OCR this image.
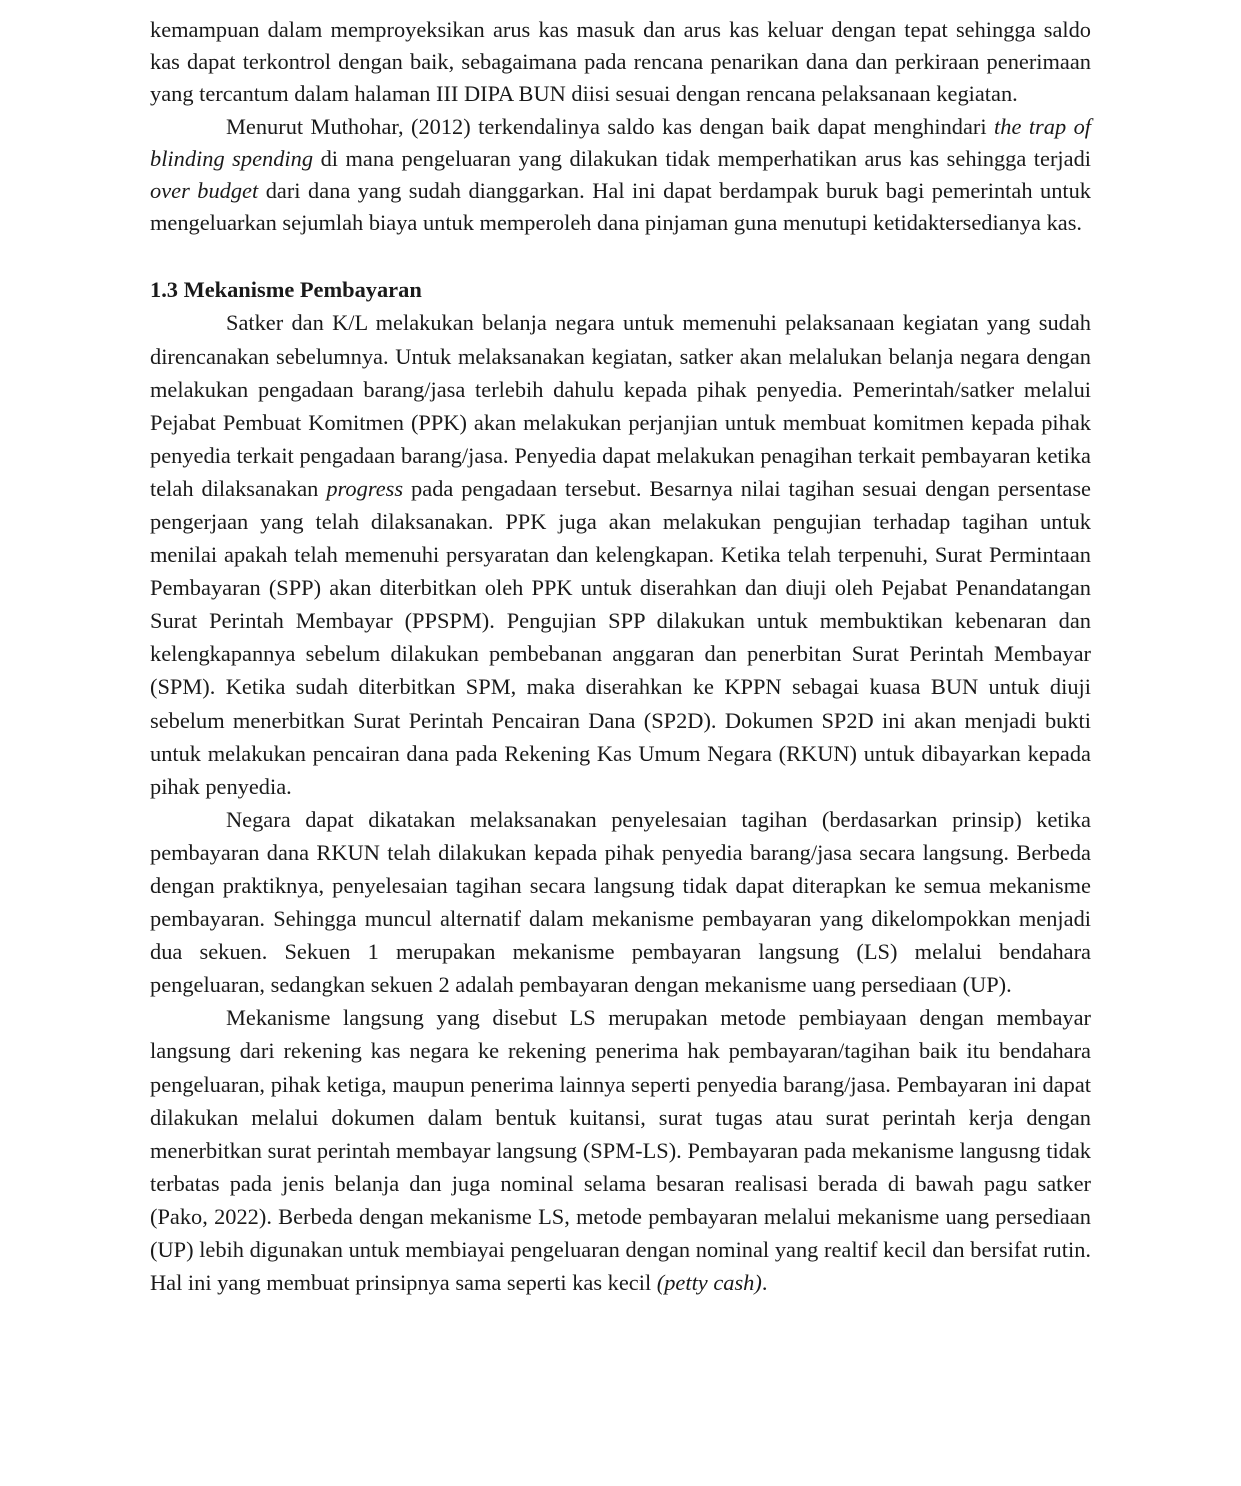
kemampuan dalam memproyeksikan arus kas masuk dan arus kas keluar dengan tepat sehingga saldo kas dapat terkontrol dengan baik, sebagaimana pada rencana penarikan dana dan perkiraan penerimaan yang tercantum dalam halaman III DIPA BUN diisi sesuai dengan rencana pelaksanaan kegiatan.

Menurut Muthohar, (2012) terkendalinya saldo kas dengan baik dapat menghindari the trap of blinding spending di mana pengeluaran yang dilakukan tidak memperhatikan arus kas sehingga terjadi over budget dari dana yang sudah dianggarkan. Hal ini dapat berdampak buruk bagi pemerintah untuk mengeluarkan sejumlah biaya untuk memperoleh dana pinjaman guna menutupi ketidaktersedianya kas.

1.3 Mekanisme Pembayaran

Satker dan K/L melakukan belanja negara untuk memenuhi pelaksanaan kegiatan yang sudah direncanakan sebelumnya. Untuk melaksanakan kegiatan, satker akan melalukan belanja negara dengan melakukan pengadaan barang/jasa terlebih dahulu kepada pihak penyedia. Pemerintah/satker melalui Pejabat Pembuat Komitmen (PPK) akan melakukan perjanjian untuk membuat komitmen kepada pihak penyedia terkait pengadaan barang/jasa. Penyedia dapat melakukan penagihan terkait pembayaran ketika telah dilaksanakan progress pada pengadaan tersebut. Besarnya nilai tagihan sesuai dengan persentase pengerjaan yang telah dilaksanakan. PPK juga akan melakukan pengujian terhadap tagihan untuk menilai apakah telah memenuhi persyaratan dan kelengkapan. Ketika telah terpenuhi, Surat Permintaan Pembayaran (SPP) akan diterbitkan oleh PPK untuk diserahkan dan diuji oleh Pejabat Penandatangan Surat Perintah Membayar (PPSPM). Pengujian SPP dilakukan untuk membuktikan kebenaran dan kelengkapannya sebelum dilakukan pembebanan anggaran dan penerbitan Surat Perintah Membayar (SPM). Ketika sudah diterbitkan SPM, maka diserahkan ke KPPN sebagai kuasa BUN untuk diuji sebelum menerbitkan Surat Perintah Pencairan Dana (SP2D). Dokumen SP2D ini akan menjadi bukti untuk melakukan pencairan dana pada Rekening Kas Umum Negara (RKUN) untuk dibayarkan kepada pihak penyedia.

Negara dapat dikatakan melaksanakan penyelesaian tagihan (berdasarkan prinsip) ketika pembayaran dana RKUN telah dilakukan kepada pihak penyedia barang/jasa secara langsung. Berbeda dengan praktiknya, penyelesaian tagihan secara langsung tidak dapat diterapkan ke semua mekanisme pembayaran. Sehingga muncul alternatif dalam mekanisme pembayaran yang dikelompokkan menjadi dua sekuen. Sekuen 1 merupakan mekanisme pembayaran langsung (LS) melalui bendahara pengeluaran, sedangkan sekuen 2 adalah pembayaran dengan mekanisme uang persediaan (UP).

Mekanisme langsung yang disebut LS merupakan metode pembiayaan dengan membayar langsung dari rekening kas negara ke rekening penerima hak pembayaran/tagihan baik itu bendahara pengeluaran, pihak ketiga, maupun penerima lainnya seperti penyedia barang/jasa. Pembayaran ini dapat dilakukan melalui dokumen dalam bentuk kuitansi, surat tugas atau surat perintah kerja dengan menerbitkan surat perintah membayar langsung (SPM-LS). Pembayaran pada mekanisme langusng tidak terbatas pada jenis belanja dan juga nominal selama besaran realisasi berada di bawah pagu satker (Pako, 2022). Berbeda dengan mekanisme LS, metode pembayaran melalui mekanisme uang persediaan (UP) lebih digunakan untuk membiayai pengeluaran dengan nominal yang realtif kecil dan bersifat rutin. Hal ini yang membuat prinsipnya sama seperti kas kecil (petty cash).
